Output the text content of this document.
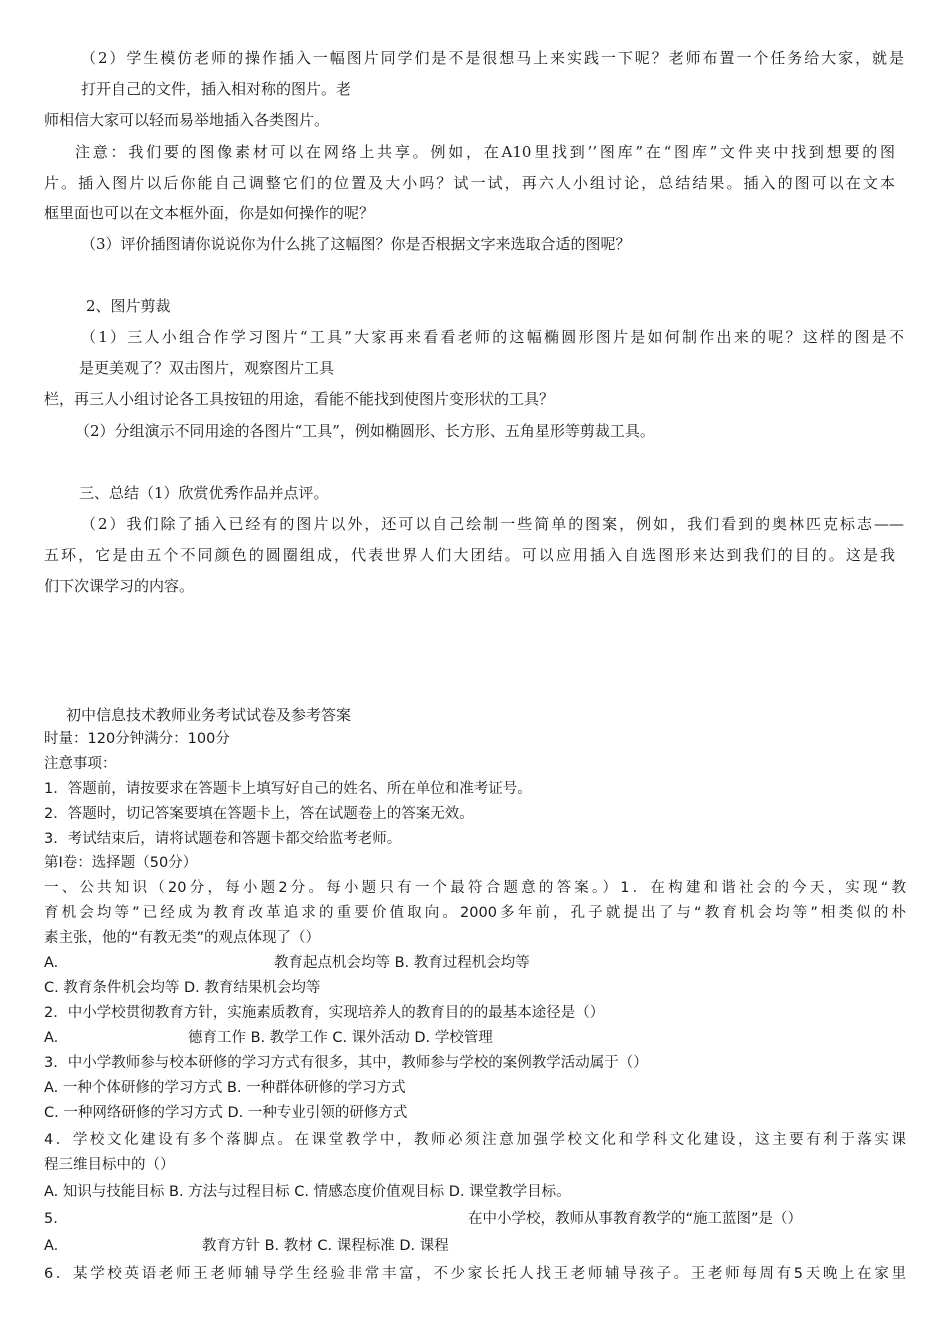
（2）学生模仿老师的操作插入一幅图片同学们是不是很想马上来实践一下呢？老师布置一个任务给大家，就是
打开自己的文件，插入相对称的图片。老
师相信大家可以轻而易举地插入各类图片。
注意：我们要的图像素材可以在网络上共享。例如，在A10里找到’’图库”在“图库”文件夹中找到想要的图
片。插入图片以后你能自己调整它们的位置及大小吗？试一试，再六人小组讨论，总结结果。插入的图可以在文本
框里面也可以在文本框外面，你是如何操作的呢？
（3）评价插图请你说说你为什么挑了这幅图？你是否根据文字来选取合适的图呢？
2、图片剪裁
（1）三人小组合作学习图片“工具”大家再来看看老师的这幅椭圆形图片是如何制作出来的呢？这样的图是不
是更美观了？双击图片，观察图片工具
栏，再三人小组讨论各工具按钮的用途，看能不能找到使图片变形状的工具？
（2）分组演示不同用途的各图片“工具”，例如椭圆形、长方形、五角星形等剪裁工具。
三、总结（1）欣赏优秀作品并点评。
（2）我们除了插入已经有的图片以外，还可以自己绘制一些简单的图案，例如，我们看到的奥林匹克标志——
五环，它是由五个不同颜色的圆圈组成，代表世界人们大团结。可以应用插入自选图形来达到我们的目的。这是我
们下次课学习的内容。
初中信息技术教师业务考试试卷及参考答案
时量：120分钟满分：100分
注意事项：
1．答题前，请按要求在答题卡上填写好自己的姓名、所在单位和准考证号。
2．答题时，切记答案要填在答题卡上，答在试题卷上的答案无效。
3．考试结束后，请将试题卷和答题卡都交给监考老师。
第Ⅰ卷：选择题（50分）
一、公共知识（20分，每小题2分。每小题只有一个最符合题意的答案。）1．在构建和谐社会的今天，实现“教
育机会均等”已经成为教育改革追求的重要价值取向。2000多年前，孔子就提出了与“教育机会均等”相类似的朴
素主张，他的“有教无类”的观点体现了（）
A.	教育起点机会均等 B. 教育过程机会均等
C. 教育条件机会均等 D. 教育结果机会均等
2．中小学校贯彻教育方针，实施素质教育，实现培养人的教育目的的最基本途径是（）
A.	德育工作 B. 教学工作 C. 课外活动 D. 学校管理
3．中小学教师参与校本研修的学习方式有很多，其中，教师参与学校的案例教学活动属于（）
A. 一种个体研修的学习方式 B. 一种群体研修的学习方式
C. 一种网络研修的学习方式 D. 一种专业引领的研修方式
4．学校文化建设有多个落脚点。在课堂教学中，教师必须注意加强学校文化和学科文化建设，这主要有利于落实课
程三维目标中的（）
A. 知识与技能目标 B. 方法与过程目标 C. 情感态度价值观目标 D. 课堂教学目标。
5.	在中小学校，教师从事教育教学的“施工蓝图”是（）
A.	教育方针 B. 教材 C. 课程标准 D. 课程
6．某学校英语老师王老师辅导学生经验非常丰富，不少家长托人找王老师辅导孩子。王老师每周有5天晚上在家里
